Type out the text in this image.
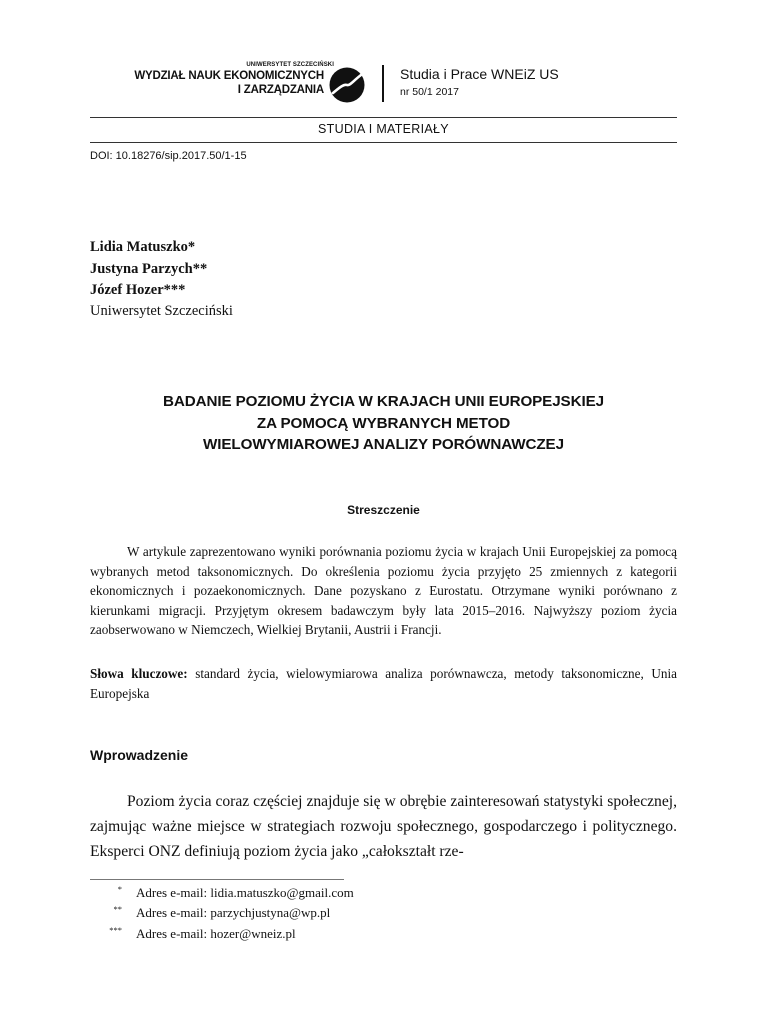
UNIWERSYTET SZCZECIŃSKI
WYDZIAŁ NAUK EKONOMICZNYCH
I ZARZĄDZANIA
Studia i Prace WNEiZ US
nr 50/1 2017
STUDIA I MATERIAŁY
DOI: 10.18276/sip.2017.50/1-15
Lidia Matuszko*
Justyna Parzych**
Józef Hozer***
Uniwersytet Szczeciński
BADANIE POZIOMU ŻYCIA W KRAJACH UNII EUROPEJSKIEJ
ZA POMOCĄ WYBRANYCH METOD
WIELOWYMIAROWEJ ANALIZY PORÓWNAWCZEJ
Streszczenie

W artykule zaprezentowano wyniki porównania poziomu życia w krajach Unii Europejskiej za pomocą wybranych metod taksonomicznych. Do określenia poziomu życia przyjęto 25 zmiennych z kategorii ekonomicznych i pozaekonomicznych. Dane pozyskano z Eurostatu. Otrzymane wyniki porównano z kierunkami migracji. Przyjętym okresem badawczym były lata 2015–2016. Najwyższy poziom życia zaobserwowano w Niemczech, Wielkiej Brytanii, Austrii i Francji.

Słowa kluczowe: standard życia, wielowymiarowa analiza porównawcza, metody taksonomiczne, Unia Europejska

Wprowadzenie

Poziom życia coraz częściej znajduje się w obrębie zainteresowań statystyki społecznej, zajmując ważne miejsce w strategiach rozwoju społecznego, gospodarczego i politycznego. Eksperci ONZ definiują poziom życia jako „całokształt rze-

* Adres e-mail: lidia.matuszko@gmail.com
** Adres e-mail: parzychjustyna@wp.pl
*** Adres e-mail: hozer@wneiz.pl
